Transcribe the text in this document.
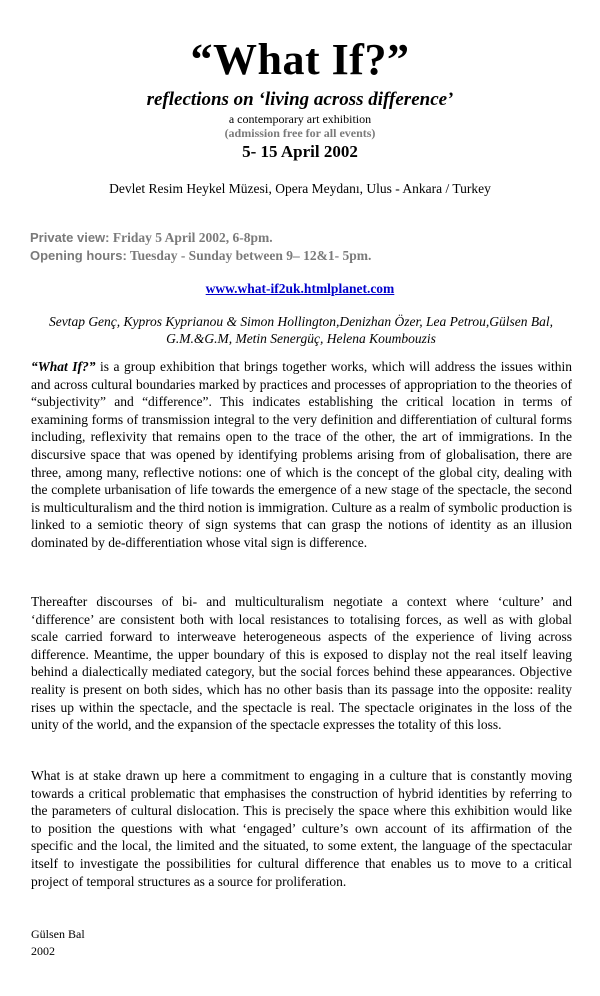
“What If?”
reflections on ‘living across difference’
a contemporary art exhibition
(admission free for all events)
5- 15 April 2002
Devlet Resim Heykel Müzesi, Opera Meydanı, Ulus - Ankara / Turkey
Private view: Friday 5 April 2002, 6-8pm.
Opening hours: Tuesday - Sunday between 9– 12&1- 5pm.
www.what-if2uk.htmlplanet.com
Sevtap Genç, Kypros Kyprianou & Simon Hollington,Denizhan Özer, Lea Petrou,Gülsen Bal,
G.M.&G.M, Metin Senergüç, Helena Koumbouzis
“What If?” is a group exhibition that brings together works, which will address the issues within and across cultural boundaries marked by practices and processes of appropriation to the theories of “subjectivity” and “difference”. This indicates establishing the critical location in terms of examining forms of transmission integral to the very definition and differentiation of cultural forms including, reflexivity that remains open to the trace of the other, the art of immigrations. In the discursive space that was opened by identifying problems arising from of globalisation, there are three, among many, reflective notions: one of which is the concept of the global city, dealing with the complete urbanisation of life towards the emergence of a new stage of the spectacle, the second is multiculturalism and the third notion is immigration. Culture as a realm of symbolic production is linked to a semiotic theory of sign systems that can grasp the notions of identity as an illusion dominated by de-differentiation whose vital sign is difference.
Thereafter discourses of bi- and multiculturalism negotiate a context where ‘culture’ and ‘difference’ are consistent both with local resistances to totalising forces, as well as with global scale carried forward to interweave heterogeneous aspects of the experience of living across difference. Meantime, the upper boundary of this is exposed to display not the real itself leaving behind a dialectically mediated category, but the social forces behind these appearances. Objective reality is present on both sides, which has no other basis than its passage into the opposite: reality rises up within the spectacle, and the spectacle is real. The spectacle originates in the loss of the unity of the world, and the expansion of the spectacle expresses the totality of this loss.
What is at stake drawn up here a commitment to engaging in a culture that is constantly moving towards a critical problematic that emphasises the construction of hybrid identities by referring to the parameters of cultural dislocation. This is precisely the space where this exhibition would like to position the questions with what ‘engaged’ culture’s own account of its affirmation of the specific and the local, the limited and the situated, to some extent, the language of the spectacular itself to investigate the possibilities for cultural difference that enables us to move to a critical project of temporal structures as a source for proliferation.
Gülsen Bal
2002
